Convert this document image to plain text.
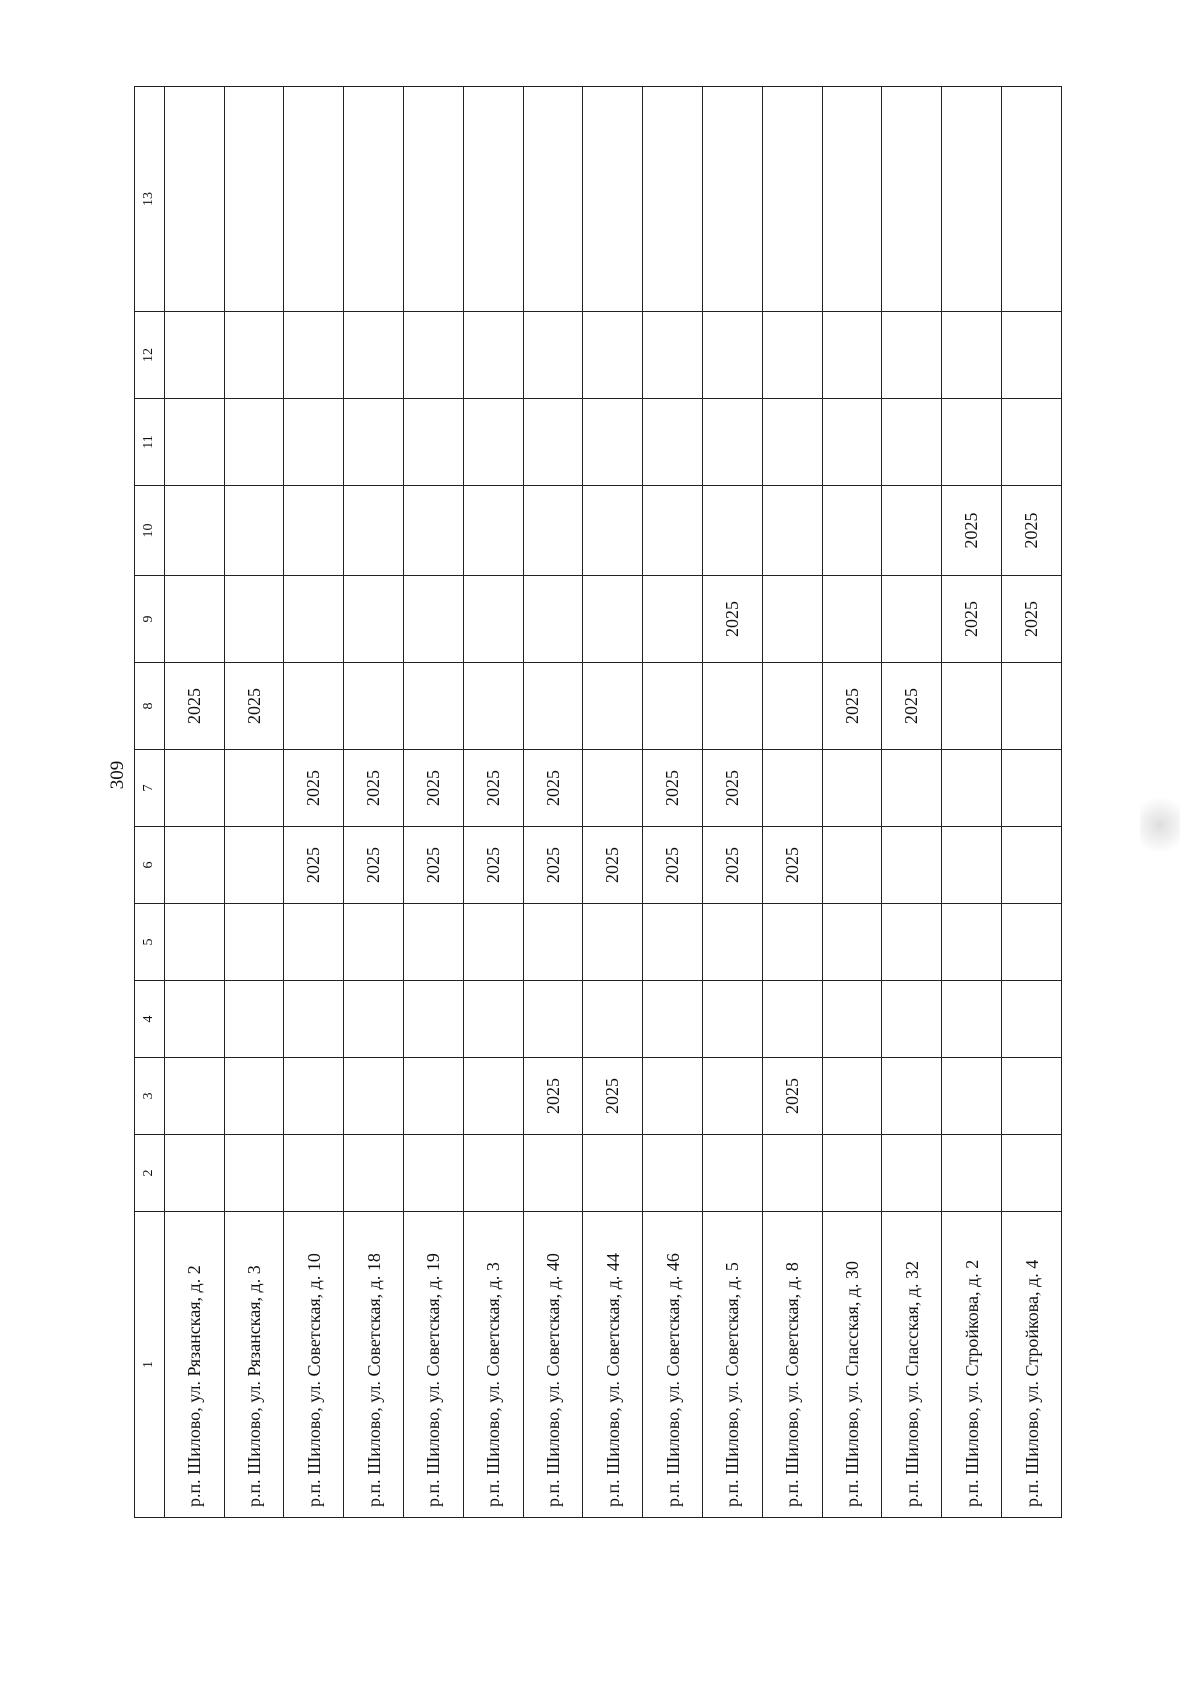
309
1	2	3	4	5	6	7	8	9	10	11	12	13
р.п. Шилово, ул. Рязанская, д. 2							2025					
р.п. Шилово, ул. Рязанская, д. 3							2025					
р.п. Шилово, ул. Советская, д. 10					2025	2025						
р.п. Шилово, ул. Советская, д. 18					2025	2025						
р.п. Шилово, ул. Советская, д. 19					2025	2025						
р.п. Шилово, ул. Советская, д. 3					2025	2025						
р.п. Шилово, ул. Советская, д. 40		2025			2025	2025						
р.п. Шилово, ул. Советская, д. 44		2025			2025							
р.п. Шилово, ул. Советская, д. 46					2025	2025						
р.п. Шилово, ул. Советская, д. 5					2025	2025		2025				
р.п. Шилово, ул. Советская, д. 8		2025			2025							
р.п. Шилово, ул. Спасская, д. 30							2025					
р.п. Шилово, ул. Спасская, д. 32							2025					
р.п. Шилово, ул. Стройкова, д. 2								2025	2025			
р.п. Шилово, ул. Стройкова, д. 4								2025	2025			
